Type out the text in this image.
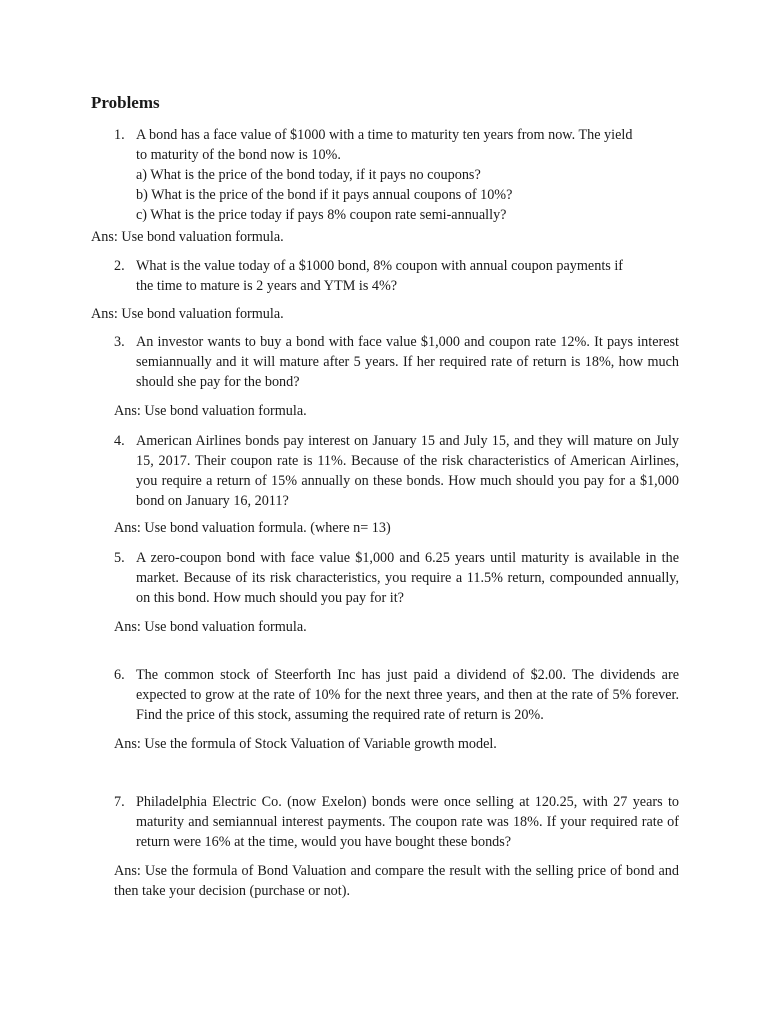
Problems
1. A bond has a face value of $1000 with a time to maturity ten years from now. The yield
to maturity of the bond now is 10%.
a) What is the price of the bond today, if it pays no coupons?
b) What is the price of the bond if it pays annual coupons of 10%?
c) What is the price today if pays 8% coupon rate semi-annually?
Ans: Use bond valuation formula.
2. What is the value today of a $1000 bond, 8% coupon with annual coupon payments if
the time to mature is 2 years and YTM is 4%?
Ans: Use bond valuation formula.
3. An investor wants to buy a bond with face value $1,000 and coupon rate 12%. It pays interest semiannually and it will mature after 5 years. If her required rate of return is 18%, how much should she pay for the bond?
Ans: Use bond valuation formula.
4. American Airlines bonds pay interest on January 15 and July 15, and they will mature on July 15, 2017. Their coupon rate is 11%. Because of the risk characteristics of American Airlines, you require a return of 15% annually on these bonds. How much should you pay for a $1,000 bond on January 16, 2011?
Ans: Use bond valuation formula. (where n= 13)
5. A zero-coupon bond with face value $1,000 and 6.25 years until maturity is available in the market. Because of its risk characteristics, you require a 11.5% return, compounded annually, on this bond. How much should you pay for it?
Ans: Use bond valuation formula.
6. The common stock of Steerforth Inc has just paid a dividend of $2.00. The dividends are expected to grow at the rate of 10% for the next three years, and then at the rate of 5% forever. Find the price of this stock, assuming the required rate of return is 20%.
Ans: Use the formula of Stock Valuation of Variable growth model.
7. Philadelphia Electric Co. (now Exelon) bonds were once selling at 120.25, with 27 years to maturity and semiannual interest payments. The coupon rate was 18%. If your required rate of return were 16% at the time, would you have bought these bonds?
Ans: Use the formula of Bond Valuation and compare the result with the selling price of bond and then take your decision (purchase or not).
